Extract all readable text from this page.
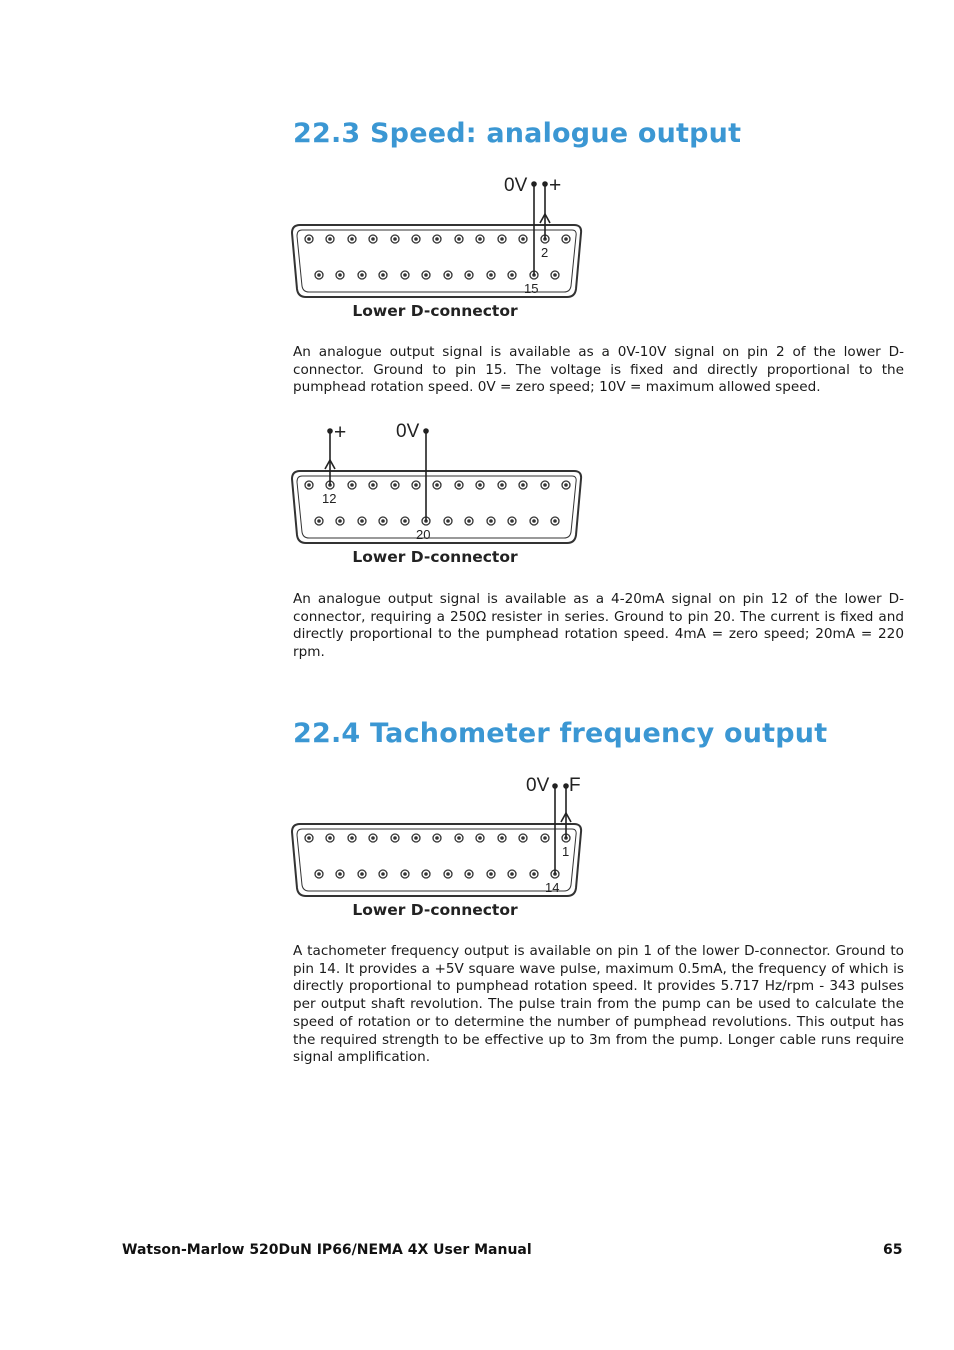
22.3 Speed: analogue output
0V +
2
15
Lower D-connector

An analogue output signal is available as a 0V-10V signal on pin 2 of the lower D-connector. Ground to pin 15. The voltage is fixed and directly proportional to the pumphead rotation speed. 0V = zero speed; 10V = maximum allowed speed.

+	0V
12
20
Lower D-connector

An analogue output signal is available as a 4-20mA signal on pin 12 of the lower D-connector, requiring a 250Ω resister in series. Ground to pin 20. The current is fixed and directly proportional to the pumphead rotation speed. 4mA = zero speed; 20mA = 220 rpm.

22.4 Tachometer frequency output
0V F
1
14
Lower D-connector

A tachometer frequency output is available on pin 1 of the lower D-connector. Ground to pin 14. It provides a +5V square wave pulse, maximum 0.5mA, the frequency of which is directly proportional to pumphead rotation speed. It provides 5.717 Hz/rpm - 343 pulses per output shaft revolution. The pulse train from the pump can be used to calculate the speed of rotation or to determine the number of pumphead revolutions. This output has the required strength to be effective up to 3m from the pump. Longer cable runs require signal amplification.

Watson-Marlow 520DuN IP66/NEMA 4X User Manual	65
